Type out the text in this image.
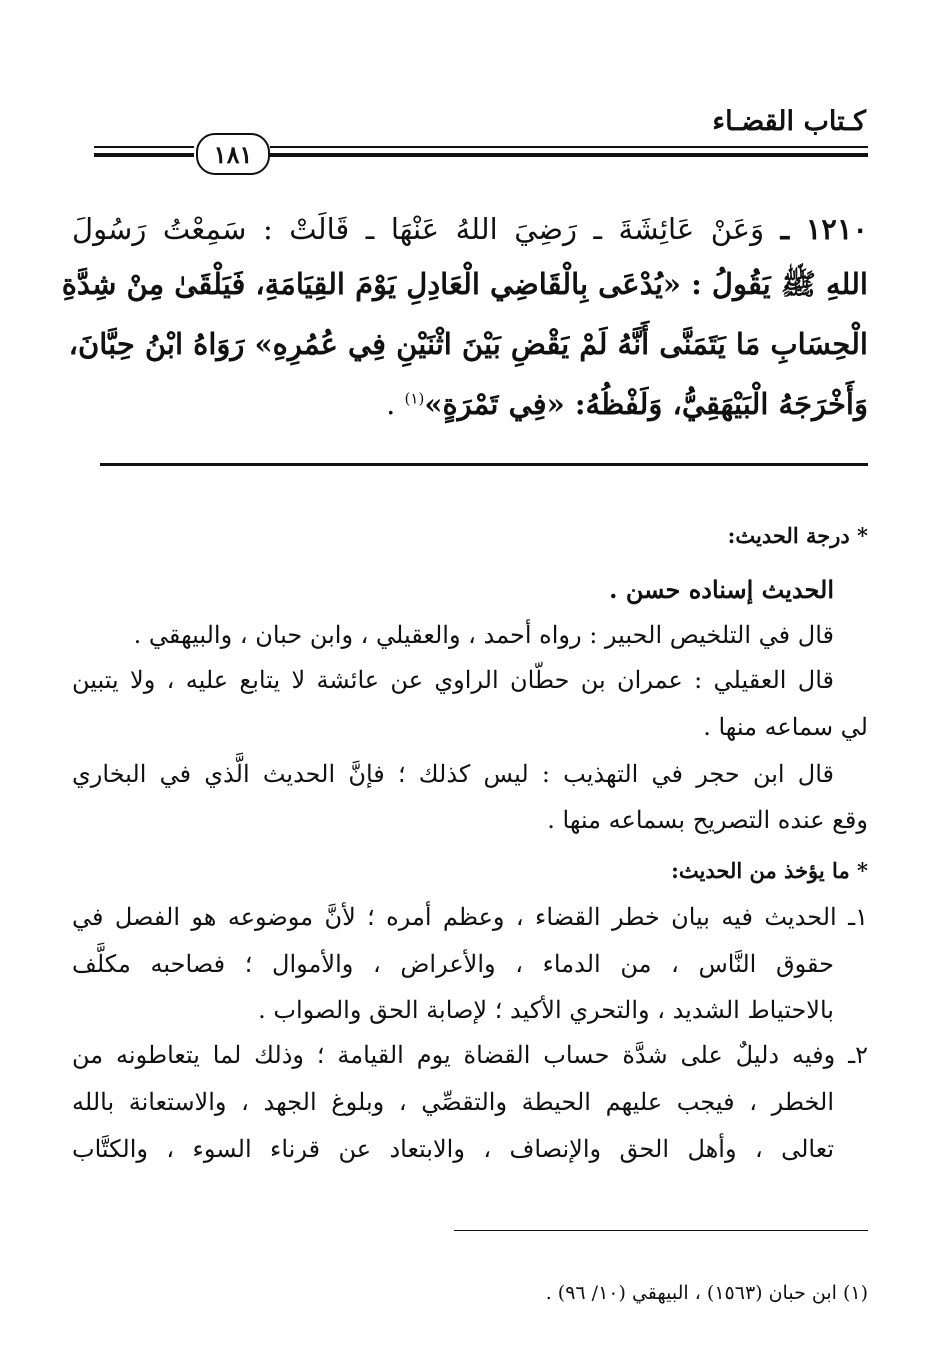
كـتاب القضـاء
١٨١
١٢١٠ ـ وَعَنْ عَائِشَةَ ـ رَضِيَ اللهُ عَنْهَا ـ قَالَتْ : سَمِعْتُ رَسُولَ
اللهِ ﷺ يَقُولُ : «يُدْعَى بِالْقَاضِي الْعَادِلِ يَوْمَ القِيَامَةِ، فَيَلْقَىٰ مِنْ شِدَّةِ
الْحِسَابِ مَا يَتَمَنَّى أَنَّهُ لَمْ يَقْضِ بَيْنَ اثْنَيْنِ فِي عُمُرِهِ» رَوَاهُ ابْنُ حِبَّانَ،
وَأَخْرَجَهُ الْبَيْهَقِيُّ، وَلَفْظُهُ: «فِي تَمْرَةٍ»$^{(١)}$ .
* درجة الحديث:
الحديث إسناده حسن .
قال في التلخيص الحبير : رواه أحمد ، والعقيلي ، وابن حبان ، والبيهقي .
قال العقيلي : عمران بن حطّان الراوي عن عائشة لا يتابع عليه ، ولا يتبين
لي سماعه منها .
قال ابن حجر في التهذيب : ليس كذلك ؛ فإنَّ الحديث الَّذي في البخاري
وقع عنده التصريح بسماعه منها .
* ما يؤخذ من الحديث:
١ـ الحديث فيه بيان خطر القضاء ، وعظم أمره ؛ لأنَّ موضوعه هو الفصل في
حقوق النَّاس ، من الدماء ، والأعراض ، والأموال ؛ فصاحبه مكلَّف
بالاحتياط الشديد ، والتحري الأكيد ؛ لإصابة الحق والصواب .
٢ـ وفيه دليلٌ على شدَّة حساب القضاة يوم القيامة ؛ وذلك لما يتعاطونه من
الخطر ، فيجب عليهم الحيطة والتقصِّي ، وبلوغ الجهد ، والاستعانة بالله
تعالى ، وأهل الحق والإنصاف ، والابتعاد عن قرناء السوء ، والكتَّاب
(١) ابن حبان (١٥٦٣) ، البيهقي (١٠/ ٩٦) .
